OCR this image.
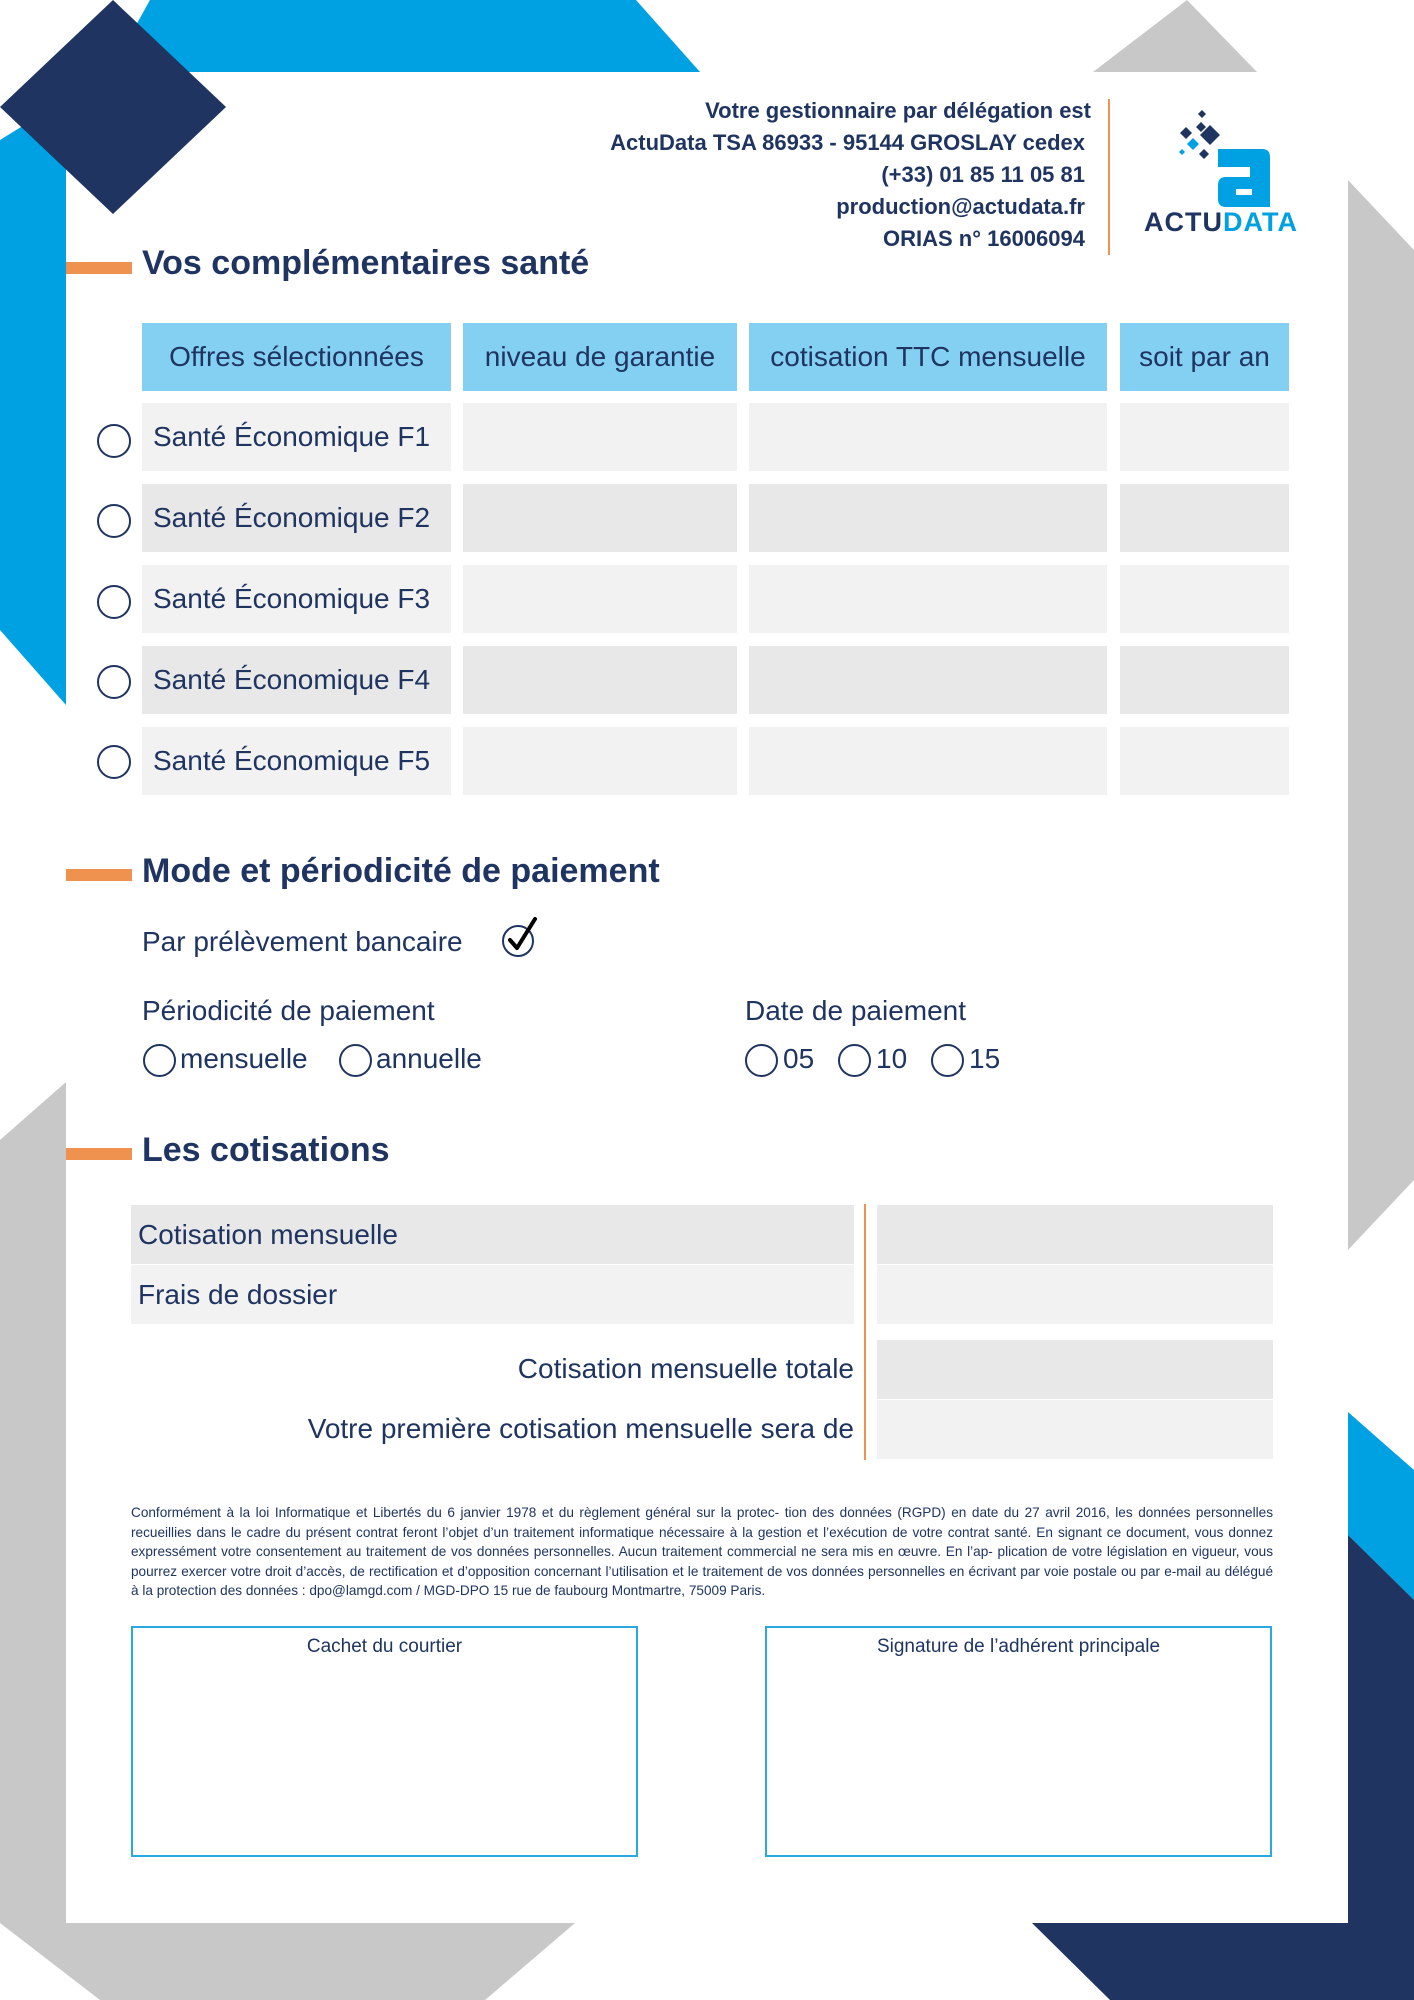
Votre gestionnaire par délégation est
ActuData TSA 86933 - 95144 GROSLAY cedex
(+33) 01 85 11 05 81
production@actudata.fr
ORIAS n° 16006094
ACTUDATA
Vos complémentaires santé
Offres sélectionnées	niveau de garantie	cotisation TTC mensuelle	soit par an
Santé Économique F1
Santé Économique F2
Santé Économique F3
Santé Économique F4
Santé Économique F5
Mode et périodicité de paiement
Par prélèvement bancaire
Périodicité de paiement
mensuelle annuelle
Date de paiement
05 10 15
Les cotisations
Cotisation mensuelle
Frais de dossier
Cotisation mensuelle totale
Votre première cotisation mensuelle sera de
Conformément à la loi Informatique et Libertés du 6 janvier 1978 et du règlement général sur la protec- tion des données (RGPD) en date du 27 avril 2016, les données personnelles recueillies dans le cadre du présent contrat feront l’objet d’un traitement informatique nécessaire à la gestion et l’exécution de votre contrat santé. En signant ce document, vous donnez expressément votre consentement au traitement de vos données personnelles. Aucun traitement commercial ne sera mis en œuvre. En l’ap- plication de votre législation en vigueur, vous pourrez exercer votre droit d’accès, de rectification et d’opposition concernant l’utilisation et le traitement de vos données personnelles en écrivant par voie postale ou par e-mail au délégué à la protection des données : dpo@lamgd.com / MGD-DPO 15 rue de faubourg Montmartre, 75009 Paris.
Cachet du courtier	Signature de l’adhérent principale
